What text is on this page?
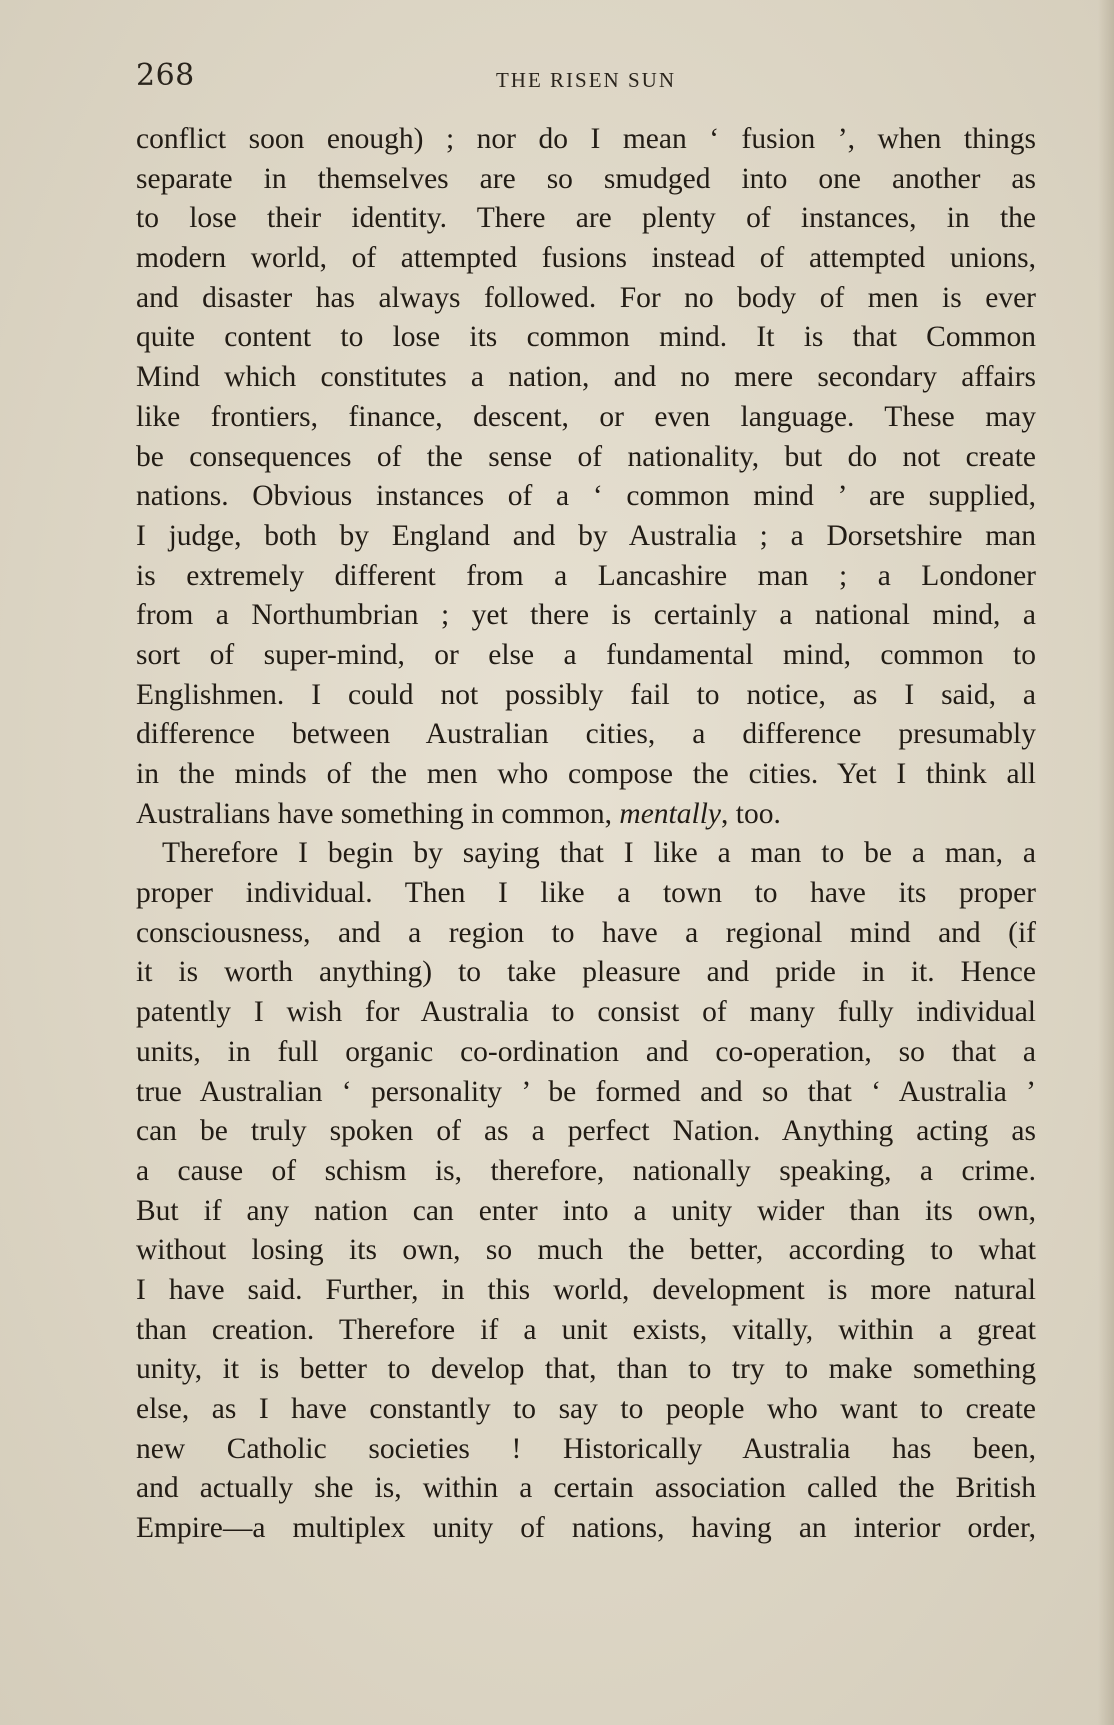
268	THE RISEN SUN
conflict soon enough) ; nor do I mean ‘ fusion ’, when things
separate in themselves are so smudged into one another as
to lose their identity. There are plenty of instances, in the
modern world, of attempted fusions instead of attempted unions,
and disaster has always followed. For no body of men is ever
quite content to lose its common mind. It is that Common
Mind which constitutes a nation, and no mere secondary affairs
like frontiers, finance, descent, or even language. These may
be consequences of the sense of nationality, but do not create
nations. Obvious instances of a ‘ common mind ’ are supplied,
I judge, both by England and by Australia ; a Dorsetshire man
is extremely different from a Lancashire man ; a Londoner
from a Northumbrian ; yet there is certainly a national mind, a
sort of super-mind, or else a fundamental mind, common to
Englishmen. I could not possibly fail to notice, as I said, a
difference between Australian cities, a difference presumably
in the minds of the men who compose the cities. Yet I think all
Australians have something in common, mentally, too.
Therefore I begin by saying that I like a man to be a man, a
proper individual. Then I like a town to have its proper
consciousness, and a region to have a regional mind and (if
it is worth anything) to take pleasure and pride in it. Hence
patently I wish for Australia to consist of many fully individual
units, in full organic co-ordination and co-operation, so that a
true Australian ‘ personality ’ be formed and so that ‘ Australia ’
can be truly spoken of as a perfect Nation. Anything acting as
a cause of schism is, therefore, nationally speaking, a crime.
But if any nation can enter into a unity wider than its own,
without losing its own, so much the better, according to what
I have said. Further, in this world, development is more natural
than creation. Therefore if a unit exists, vitally, within a great
unity, it is better to develop that, than to try to make something
else, as I have constantly to say to people who want to create
new Catholic societies ! Historically Australia has been,
and actually she is, within a certain association called the British
Empire—a multiplex unity of nations, having an interior order,
